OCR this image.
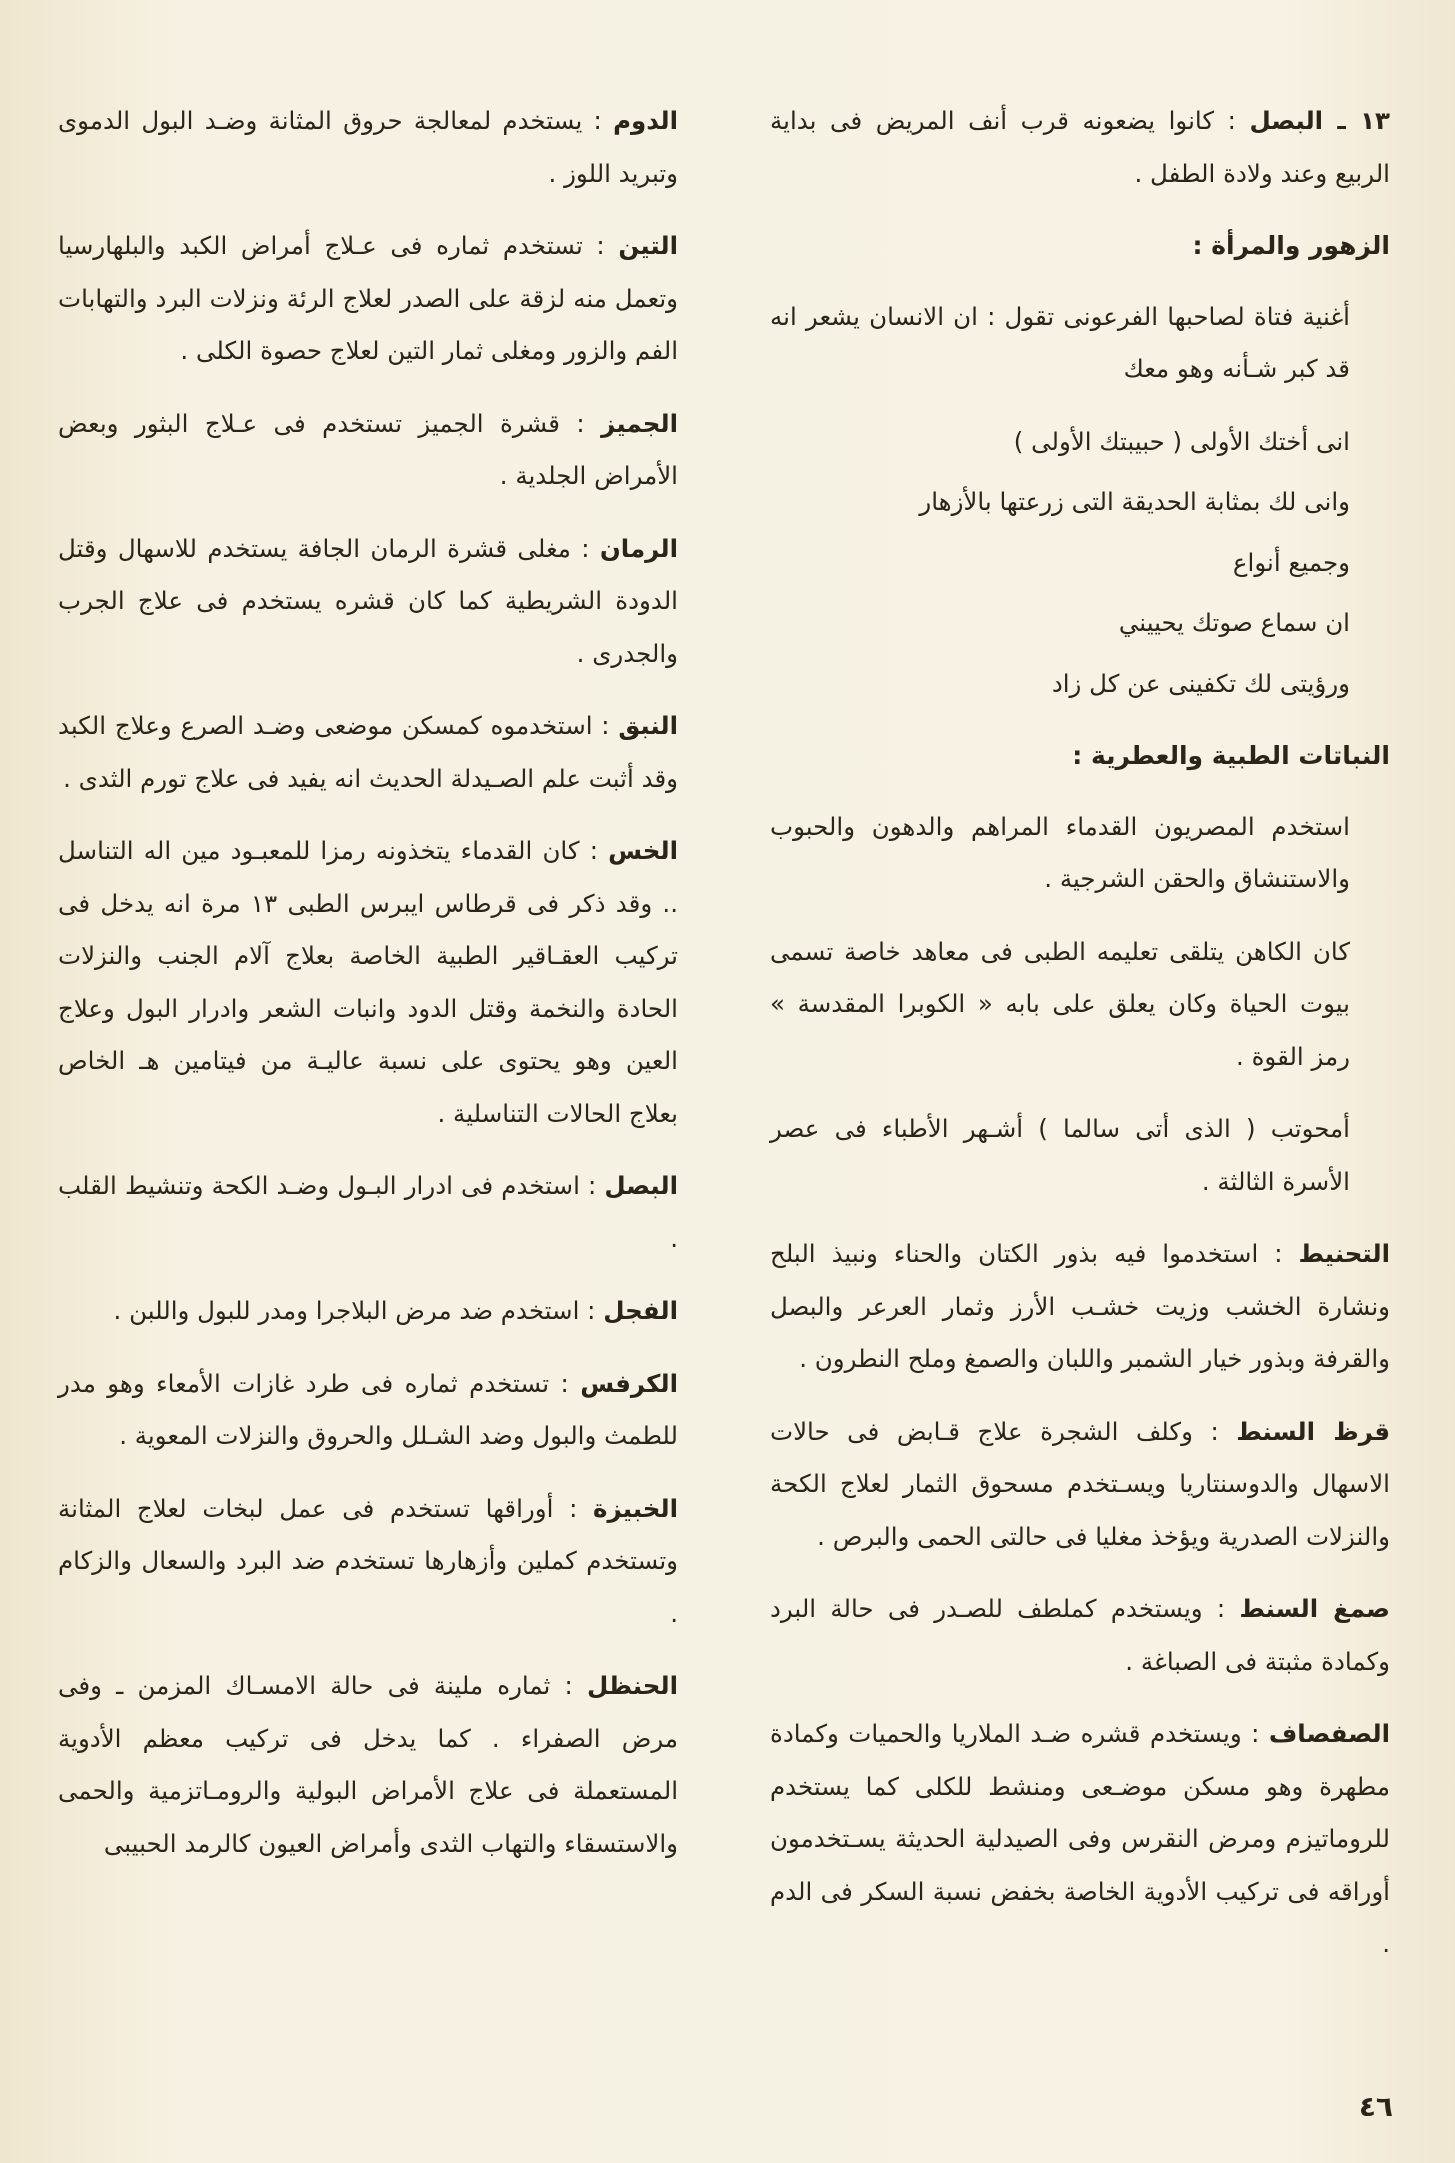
١٣ ـ البصل : كانوا يضعونه قرب أنف المريض فى بداية الربيع وعند ولادة الطفل .

الزهور والمرأة :

أغنية فتاة لصاحبها الفرعونى تقول : ان الانسان يشعر انه قد كبر شـأنه وهو معك

انى أختك الأولى ( حبيبتك الأولى )
وانى لك بمثابة الحديقة التى زرعتها بالأزهار
وجميع أنواع
ان سماع صوتك يحييني
ورؤيتى لك تكفينى عن كل زاد

النباتات الطبية والعطرية :

استخدم المصريون القدماء المراهم والدهون والحبوب والاستنشاق والحقن الشرجية .

كان الكاهن يتلقى تعليمه الطبى فى معاهد خاصة تسمى بيوت الحياة وكان يعلق على بابه « الكوبرا المقدسة » رمز القوة .

أمحوتب ( الذى أتى سالما ) أشـهر الأطباء فى عصر الأسرة الثالثة .

التحنيط : استخدموا فيه بذور الكتان والحناء ونبيذ البلح ونشارة الخشب وزيت خشـب الأرز وثمار العرعر والبصل والقرفة وبذور خيار الشمبر واللبان والصمغ وملح النطرون .

قرظ السنط : وكلف الشجرة علاج قـابض فى حالات الاسهال والدوسنتاريا ويسـتخدم مسحوق الثمار لعلاج الكحة والنزلات الصدرية ويؤخذ مغليا فى حالتى الحمى والبرص .

صمغ السنط : ويستخدم كملطف للصـدر فى حالة البرد وكمادة مثبتة فى الصباغة .

الصفصاف : ويستخدم قشره ضـد الملاريا والحميات وكمادة مطهرة وهو مسكن موضـعى ومنشط للكلى كما يستخدم للروماتيزم ومرض النقرس وفى الصيدلية الحديثة يسـتخدمون أوراقه فى تركيب الأدوية الخاصة بخفض نسبة السكر فى الدم .

الدوم : يستخدم لمعالجة حروق المثانة وضـد البول الدموى وتبريد اللوز .

التين : تستخدم ثماره فى عـلاج أمراض الكبد والبلهارسيا وتعمل منه لزقة على الصدر لعلاج الرئة ونزلات البرد والتهابات الفم والزور ومغلى ثمار التين لعلاج حصوة الكلى .

الجميز : قشرة الجميز تستخدم فى عـلاج البثور وبعض الأمراض الجلدية .

الرمان : مغلى قشرة الرمان الجافة يستخدم للاسهال وقتل الدودة الشريطية كما كان قشره يستخدم فى علاج الجرب والجدرى .

النبق : استخدموه كمسكن موضعى وضـد الصرع وعلاج الكبد وقد أثبت علم الصـيدلة الحديث انه يفيد فى علاج تورم الثدى .

الخس : كان القدماء يتخذونه رمزا للمعبـود مين اله التناسل .. وقد ذكر فى قرطاس ايبرس الطبى ١٣ مرة انه يدخل فى تركيب العقـاقير الطبية الخاصة بعلاج آلام الجنب والنزلات الحادة والنخمة وقتل الدود وانبات الشعر وادرار البول وعلاج العين وهو يحتوى على نسبة عاليـة من فيتامين هـ الخاص بعلاج الحالات التناسلية .

البصل : استخدم فى ادرار البـول وضـد الكحة وتنشيط القلب .

الفجل : استخدم ضد مرض البلاجرا ومدر للبول واللبن .

الكرفس : تستخدم ثماره فى طرد غازات الأمعاء وهو مدر للطمث والبول وضد الشـلل والحروق والنزلات المعوية .

الخبيزة : أوراقها تستخدم فى عمل لبخات لعلاج المثانة وتستخدم كملين وأزهارها تستخدم ضد البرد والسعال والزكام .

الحنظل : ثماره ملينة فى حالة الامسـاك المزمن ـ وفى مرض الصفراء . كما يدخل فى تركيب معظم الأدوية المستعملة فى علاج الأمراض البولية والرومـاتزمية والحمى والاستسقاء والتهاب الثدى وأمراض العيون كالرمد الحبيبى

٤٦
